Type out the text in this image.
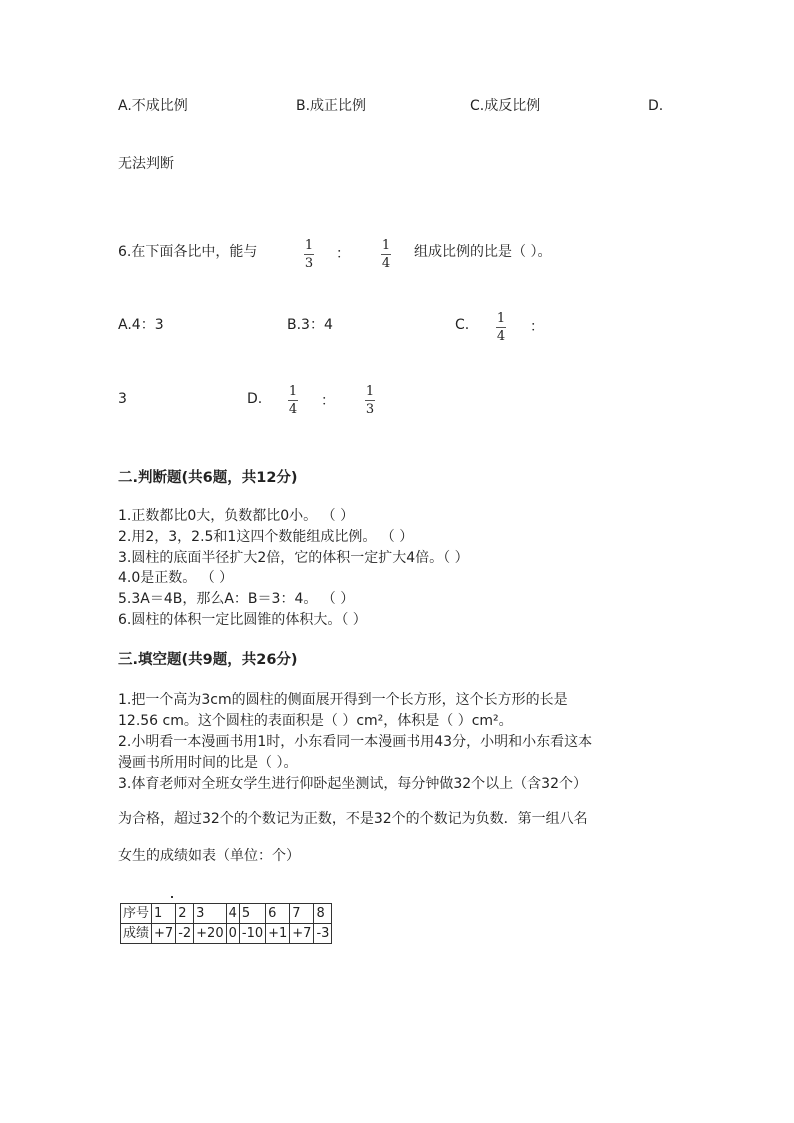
A.不成比例	B.成正比例	C.成反比例	D.
无法判断
6.在下面各比中，能与	1
3
：
1
4
组成比例的比是（ ）。
A.4：3	B.3：4	C. 1
4
：
3	D. 1
4
：
1
3
二.判断题(共6题，共12分)
1.正数都比0大，负数都比0小。 （ ）
2.用2，3，2.5和1这四个数能组成比例。 （ ）
3.圆柱的底面半径扩大2倍，它的体积一定扩大4倍。（ ）
4.0是正数。 （ ）
5.3A＝4B，那么A：B＝3：4。 （ ）
6.圆柱的体积一定比圆锥的体积大。（ ）
三.填空题(共9题，共26分)
1.把一个高为3cm的圆柱的侧面展开得到一个长方形，这个长方形的长是
12.56 cm。这个圆柱的表面积是（ ）cm²，体积是（ ）cm²。
2.小明看一本漫画书用1时，小东看同一本漫画书用43分，小明和小东看这本
漫画书所用时间的比是（ ）。
3.体育老师对全班女学生进行仰卧起坐测试，每分钟做32个以上（含32个）
为合格，超过32个的个数记为正数，不是32个的个数记为负数．第一组八名
女生的成绩如表（单位：个）
序号	1	2	3	4	5	6	7	8
成绩	+7	-2	+20	0	-10	+1	+7	-3
